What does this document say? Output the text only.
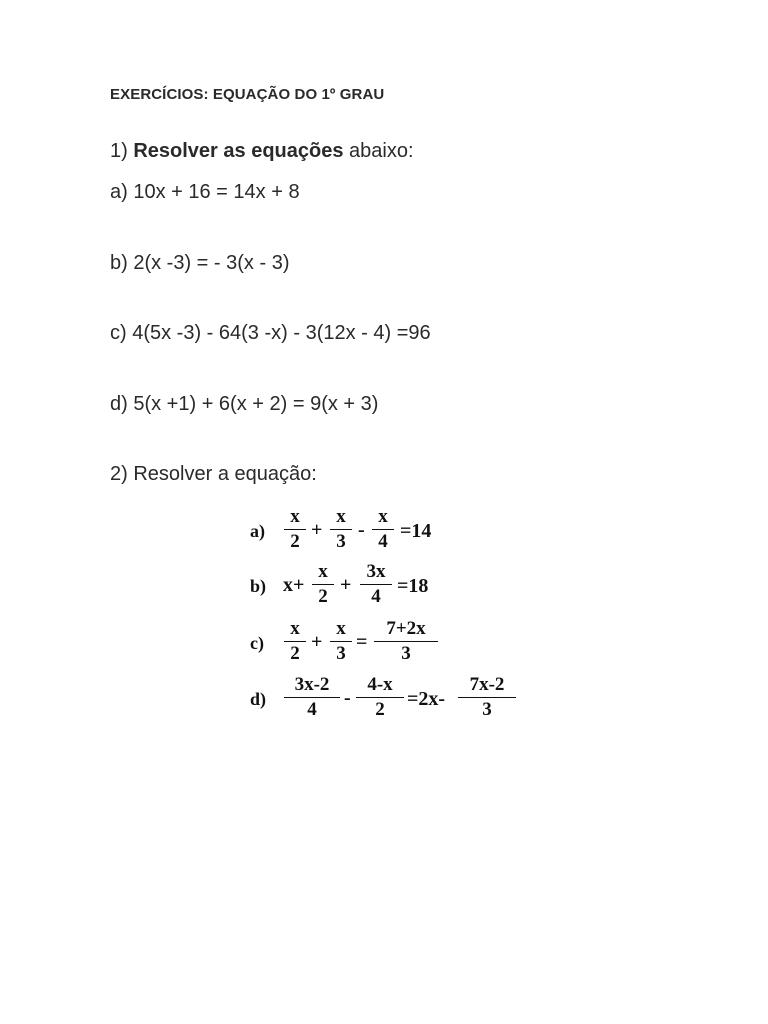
EXERCÍCIOS: EQUAÇÃO DO 1º GRAU
1) Resolver as equações abaixo:
a) 10x + 16 = 14x + 8
b) 2(x -3) = - 3(x - 3)
c) 4(5x -3) - 64(3 -x) - 3(12x - 4) =96
d) 5(x +1) + 6(x + 2) = 9(x + 3)
2) Resolver a equação:
a)
x
2
+
x
3
-
x
4 =14
b) x+
x
2
+
3x
4 =18
c)
x
2
+
x
3
=
7+2x
3
d)
3x-2
4
-
4-x
2	=2x-
7x-2
3
